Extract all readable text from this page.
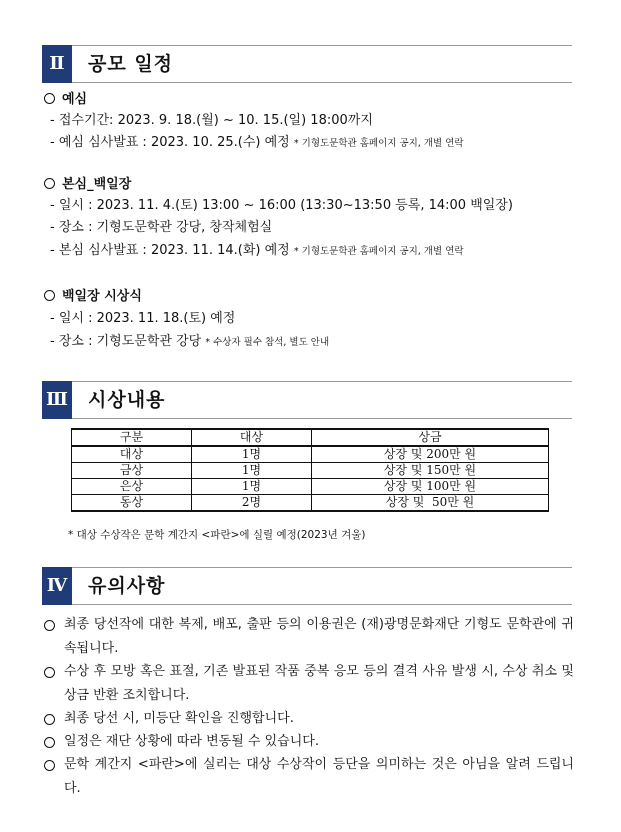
Ⅱ	공모 일정
예심
- 접수기간: 2023. 9. 18.(월) ~ 10. 15.(일) 18:00까지
- 예심 심사발표 : 2023. 10. 25.(수) 예정 * 기형도문학관 홈페이지 공지, 개별 연락
본심_백일장
- 일시 : 2023. 11. 4.(토) 13:00 ~ 16:00 (13:30~13:50 등록, 14:00 백일장)
- 장소 : 기형도문학관 강당, 창작체험실
- 본심 심사발표 : 2023. 11. 14.(화) 예정 * 기형도문학관 홈페이지 공지, 개별 연락
백일장 시상식
- 일시 : 2023. 11. 18.(토) 예정
- 장소 : 기형도문학관 강당 * 수상자 필수 참석, 별도 안내
Ⅲ 시상내용
구분	대상	상금
대상	1명	상장 및 200만 원
금상	1명	상장 및 150만 원
은상	1명	상장 및 100만 원
동상	2명	상장 및  50만 원
* 대상 수상작은 문학 계간지 <파란>에 실릴 예정(2023년 겨울)
Ⅳ 유의사항
최종 당선작에 대한 복제, 배포, 출판 등의 이용권은 (재)광명문화재단 기형도 문학관에 귀속됩니다.
수상 후 모방 혹은 표절, 기존 발표된 작품 중복 응모 등의 결격 사유 발생 시, 수상 취소 및 상금 반환 조치합니다.
최종 당선 시, 미등단 확인을 진행합니다.
일정은 재단 상황에 따라 변동될 수 있습니다.
문학 계간지 <파란>에 실리는 대상 수상작이 등단을 의미하는 것은 아님을 알려 드립니다.
